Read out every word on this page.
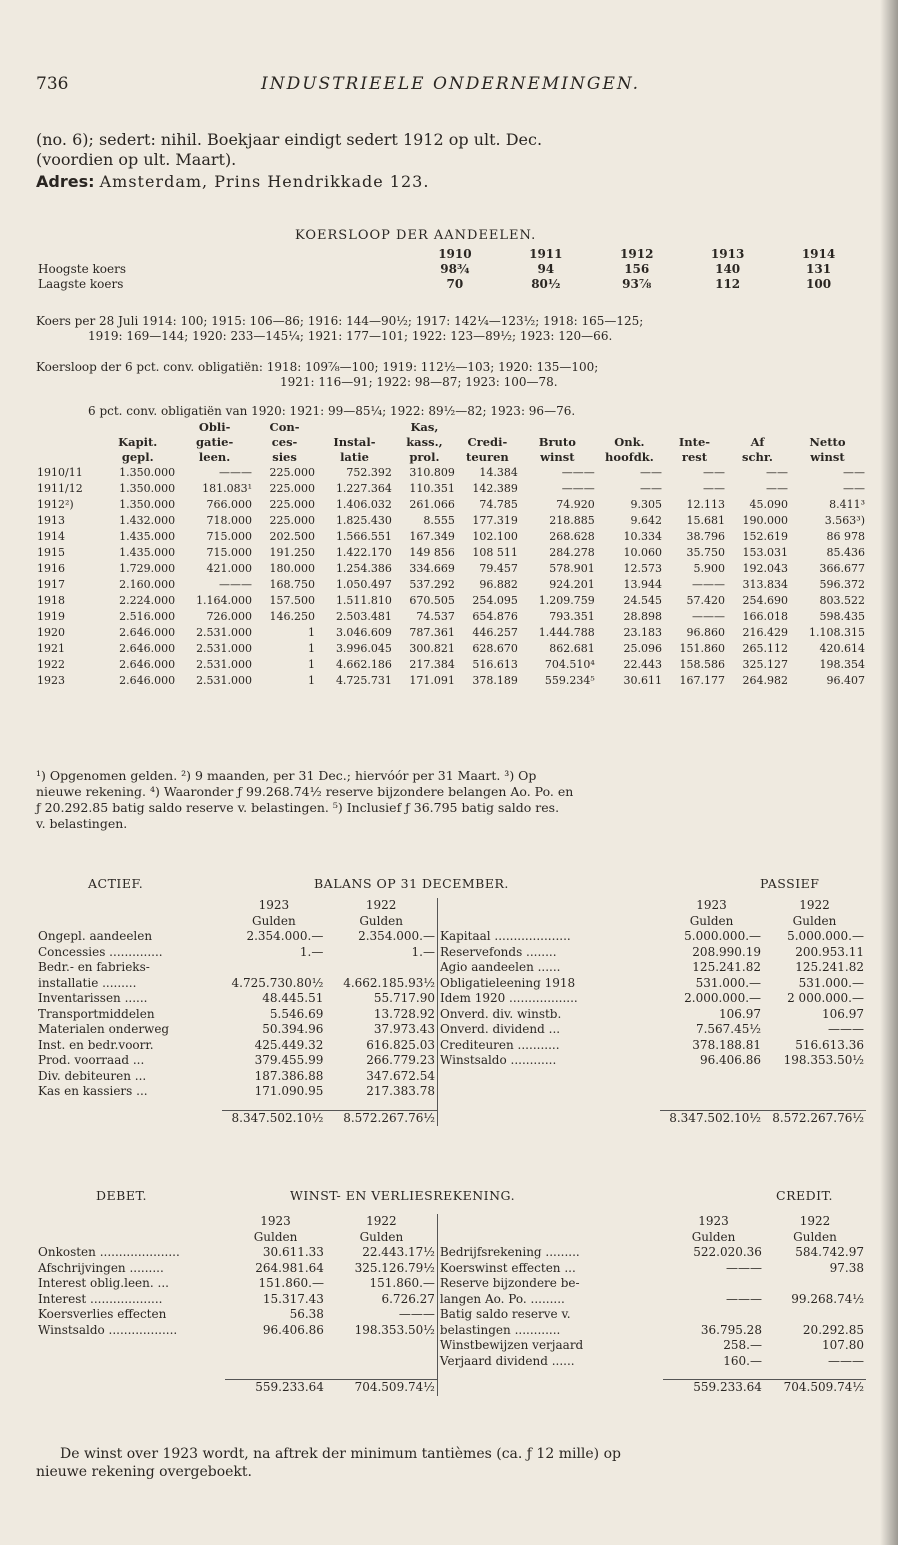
736	INDUSTRIEELE ONDERNEMINGEN.
(no. 6); sedert: nihil. Boekjaar eindigt sedert 1912 op ult. Dec.
(voordien op ult. Maart).
Adres: Amsterdam, Prins Hendrikkade 123.
KOERSLOOP DER AANDEELEN.
	1910	1911	1912	1913	1914
Hoogste koers	98¾	94	156	140	131
Laagste koers	70	80½	93⅞	112	100
Koers per 28 Juli 1914: 100; 1915: 106—86; 1916: 144—90½; 1917: 142¼—123½; 1918: 165—125;
1919: 169—144; 1920: 233—145¼; 1921: 177—101; 1922: 123—89½; 1923: 120—66.
Koersloop der 6 pct. conv. obligatiën: 1918: 109⅞—100; 1919: 112½—103; 1920: 135—100;
1921: 116—91; 1922: 98—87; 1923: 100—78.
6 pct. conv. obligatiën van 1920: 1921: 99—85¼; 1922: 89½—82; 1923: 96—76.
		Obli-	Con-		Kas,						
	Kapit.	gatie-	ces-	Instal-	kass.,	Credi-	Bruto	Onk.	Inte-	Af	Netto
	gepl.	leen.	sies	latie	prol.	teuren	winst	hoofdk.	rest	schr.	winst
1910/11	1.350.000	———	225.000	752.392	310.809	14.384	———	——	——	——	——
1911/12	1.350.000	181.083¹	225.000	1.227.364	110.351	142.389	———	——	——	——	——
1912²)	1.350.000	766.000	225.000	1.406.032	261.066	74.785	74.920	9.305	12.113	45.090	8.411³
1913	1.432.000	718.000	225.000	1.825.430	8.555	177.319	218.885	9.642	15.681	190.000	3.563³)
1914	1.435.000	715.000	202.500	1.566.551	167.349	102.100	268.628	10.334	38.796	152.619	86 978
1915	1.435.000	715.000	191.250	1.422.170	149 856	108 511	284.278	10.060	35.750	153.031	85.436
1916	1.729.000	421.000	180.000	1.254.386	334.669	79.457	578.901	12.573	5.900	192.043	366.677
1917	2.160.000	———	168.750	1.050.497	537.292	96.882	924.201	13.944	———	313.834	596.372
1918	2.224.000	1.164.000	157.500	1.511.810	670.505	254.095	1.209.759	24.545	57.420	254.690	803.522
1919	2.516.000	726.000	146.250	2.503.481	74.537	654.876	793.351	28.898	———	166.018	598.435
1920	2.646.000	2.531.000	1	3.046.609	787.361	446.257	1.444.788	23.183	96.860	216.429	1.108.315
1921	2.646.000	2.531.000	1	3.996.045	300.821	628.670	862.681	25.096	151.860	265.112	420.614
1922	2.646.000	2.531.000	1	4.662.186	217.384	516.613	704.510⁴	22.443	158.586	325.127	198.354
1923	2.646.000	2.531.000	1	4.725.731	171.091	378.189	559.234⁵	30.611	167.177	264.982	96.407
¹) Opgenomen gelden. ²) 9 maanden, per 31 Dec.; hiervóór per 31 Maart. ³) Op
nieuwe rekening. ⁴) Waaronder ƒ 99.268.74½ reserve bijzondere belangen Ao. Po. en
ƒ 20.292.85 batig saldo reserve v. belastingen. ⁵) Inclusief ƒ 36.795 batig saldo res.
v. belastingen.
ACTIEF.	BALANS OP 31 DECEMBER.	PASSIEF
	1923	1922		1923	1922
	Gulden	Gulden		Gulden	Gulden
Ongepl. aandeelen	2.354.000.—	2.354.000.—	Kapitaal ....................	5.000.000.—	5.000.000.—
Concessies ..............	1.—	1.—	Reservefonds ........	208.990.19	200.953.11
Bedr.- en fabrieks-			Agio aandeelen ......	125.241.82	125.241.82
installatie .........	4.725.730.80½	4.662.185.93½	Obligatieleening 1918	531.000.—	531.000.—
Inventarissen ......	48.445.51	55.717.90	Idem 1920 ..................	2.000.000.—	2 000.000.—
Transportmiddelen	5.546.69	13.728.92	Onverd. div. winstb.	106.97	106.97
Materialen onderweg	50.394.96	37.973.43	Onverd. dividend ...	7.567.45½	———
Inst. en bedr.voorr.	425.449.32	616.825.03	Crediteuren ...........	378.188.81	516.613.36
Prod. voorraad ...	379.455.99	266.779.23	Winstsaldo ............	96.406.86	198.353.50½
Div. debiteuren ...	187.386.88	347.672.54			
Kas en kassiers ...	171.090.95	217.383.78			

	8.347.502.10½	8.572.267.76½		8.347.502.10½	8.572.267.76½
DEBET.	WINST- EN VERLIESREKENING.	CREDIT.
	1923	1922		1923	1922
	Gulden	Gulden		Gulden	Gulden
Onkosten .....................	30.611.33	22.443.17½	Bedrijfsrekening .........	522.020.36	584.742.97
Afschrijvingen .........	264.981.64	325.126.79½	Koerswinst effecten ...	———	97.38
Interest oblig.leen. ...	151.860.—	151.860.—	Reserve bijzondere be-		
Interest ...................	15.317.43	6.726.27	langen Ao. Po. .........	———	99.268.74½
Koersverlies effecten	56.38	———	Batig saldo reserve v.		
Winstsaldo ..................	96.406.86	198.353.50½	belastingen ............	36.795.28	20.292.85
			Winstbewijzen verjaard	258.—	107.80
			Verjaard dividend ......	160.—	———

	559.233.64	704.509.74½		559.233.64	704.509.74½
De winst over 1923 wordt, na aftrek der minimum tantièmes (ca. ƒ 12 mille) op
nieuwe rekening overgeboekt.
